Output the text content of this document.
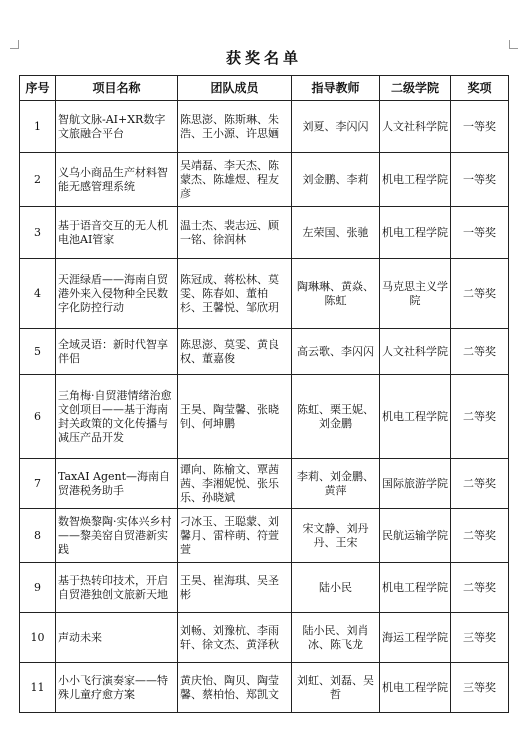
获奖名单
序号	项目名称	团队成员	指导教师	二级学院	奖项
1	智航文脉-AI+XR数字文旅融合平台	陈思澎、陈斯琳、朱浩、王小源、许思婳	刘夏、李闪闪	人文社科学院	一等奖
2	义乌小商品生产材料智能无感管理系统	吴靖磊、李天杰、陈蒙杰、陈雄煜、程友彦	刘金鹏、李莉	机电工程学院	一等奖
3	基于语音交互的无人机电池AI管家	温士杰、裴志远、顾一铭、徐润林	左荣国、张驰	机电工程学院	一等奖
4	天涯绿盾——海南自贸港外来入侵物种全民数字化防控行动	陈冠成、蒋松林、莫雯、陈春如、董柏杉、王馨悦、邹欣玥	陶琳琳、黄焱、陈虹	马克思主义学院	二等奖
5	全域灵语：新时代智享伴侣	陈思澎、莫雯、黄良权、董嘉俊	高云歌、李闪闪	人文社科学院	二等奖
6	三角梅·自贸港情绪治愈文创项目——基于海南封关政策的文化传播与减压产品开发	王昊、陶莹馨、张晓钊、何坤鹏	陈虹、栗王妮、刘金鹏	机电工程学院	二等奖
7	TaxAI Agent—海南自贸港税务助手	谭向、陈榆文、覃茜茜、李湘妮悦、张乐乐、孙晓斌	李莉、刘金鹏、黄萍	国际旅游学院	二等奖
8	数智焕黎陶·实体兴乡村——黎美窑自贸港新实践	刁冰玉、王聪蒙、刘馨月、雷梓萌、符萱萱	宋文静、刘丹丹、王宋	民航运输学院	二等奖
9	基于热转印技术，开启自贸港独创文旅新天地	王昊、崔海琪、吴圣彬	陆小民	机电工程学院	二等奖
10	声动未来	刘畅、刘豫杭、李雨轩、徐文杰、黄泽秋	陆小民、刘肖冰、陈飞龙	海运工程学院	三等奖
11	小小飞行演奏家——特殊儿童疗愈方案	黄庆怡、陶贝、陶莹馨、蔡柏怡、郑凯文	刘虹、刘磊、吴哲	机电工程学院	三等奖
